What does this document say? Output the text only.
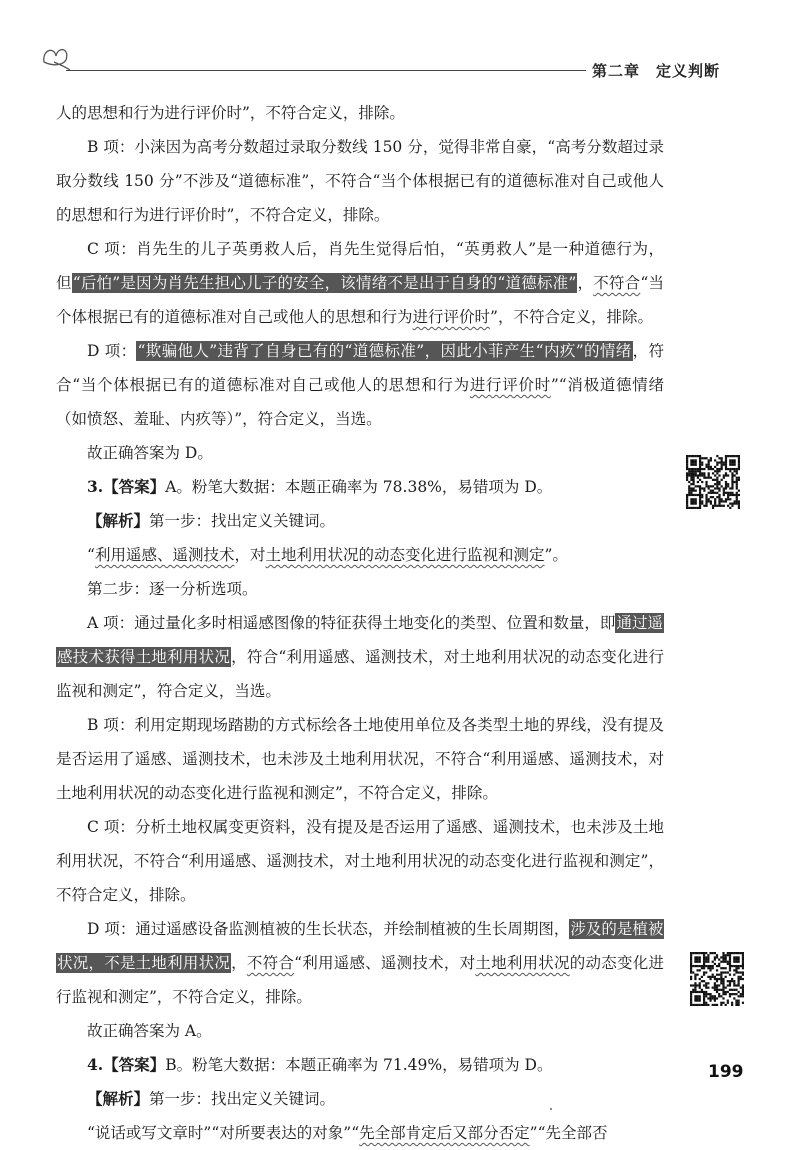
第二章　定义判断

人的思想和行为进行评价时”，不符合定义，排除。

B 项：小涞因为高考分数超过录取分数线 150 分，觉得非常自豪，“高考分数超过录取分数线 150 分”不涉及“道德标准”，不符合“当个体根据已有的道德标准对自己或他人的思想和行为进行评价时”，不符合定义，排除。

C 项：肖先生的儿子英勇救人后，肖先生觉得后怕，“英勇救人”是一种道德行为，但“后怕”是因为肖先生担心儿子的安全，该情绪不是出于自身的“道德标准”，不符合“当个体根据已有的道德标准对自己或他人的思想和行为进行评价时”，不符合定义，排除。

D 项：“欺骗他人”违背了自身已有的“道德标准”，因此小菲产生“内疚”的情绪，符合“当个体根据已有的道德标准对自己或他人的思想和行为进行评价时”“消极道德情绪（如愤怒、羞耻、内疚等）”，符合定义，当选。

故正确答案为 D。

3.【答案】A。粉笔大数据：本题正确率为 78.38%，易错项为 D。

【解析】第一步：找出定义关键词。

“利用遥感、遥测技术，对土地利用状况的动态变化进行监视和测定”。

第二步：逐一分析选项。

A 项：通过量化多时相遥感图像的特征获得土地变化的类型、位置和数量，即通过遥感技术获得土地利用状况，符合“利用遥感、遥测技术，对土地利用状况的动态变化进行监视和测定”，符合定义，当选。

B 项：利用定期现场踏勘的方式标绘各土地使用单位及各类型土地的界线，没有提及是否运用了遥感、遥测技术，也未涉及土地利用状况，不符合“利用遥感、遥测技术，对土地利用状况的动态变化进行监视和测定”，不符合定义，排除。

C 项：分析土地权属变更资料，没有提及是否运用了遥感、遥测技术，也未涉及土地利用状况，不符合“利用遥感、遥测技术，对土地利用状况的动态变化进行监视和测定”，不符合定义，排除。

D 项：通过遥感设备监测植被的生长状态，并绘制植被的生长周期图，涉及的是植被状况，不是土地利用状况，不符合“利用遥感、遥测技术，对土地利用状况的动态变化进行监视和测定”，不符合定义，排除。

故正确答案为 A。

4.【答案】B。粉笔大数据：本题正确率为 71.49%，易错项为 D。

【解析】第一步：找出定义关键词。

“说话或写文章时”“对所要表达的对象”“先全部肯定后又部分否定”“先全部否

199
